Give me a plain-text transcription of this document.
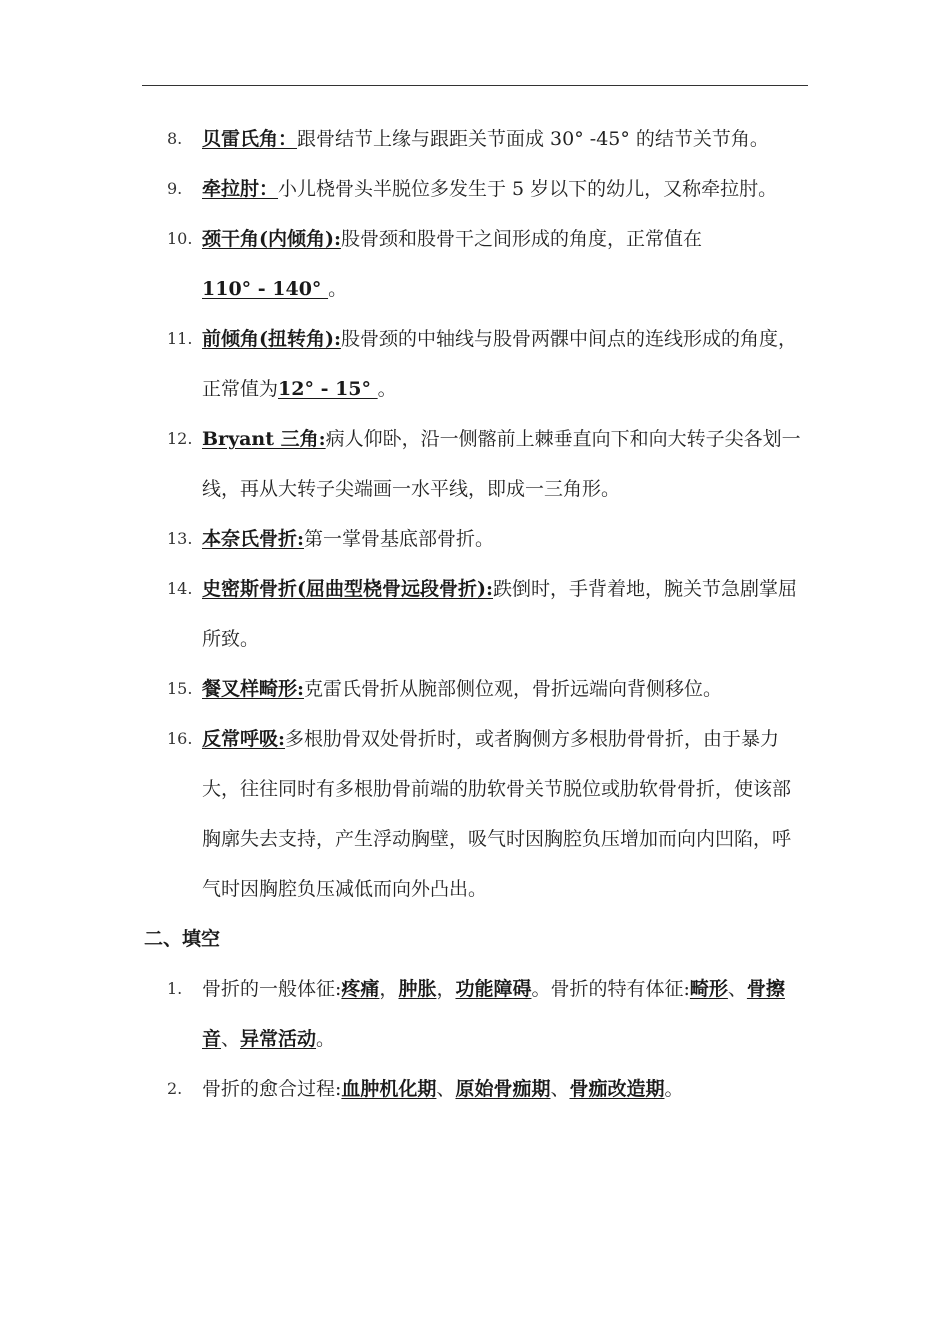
8. 贝雷氏角：跟骨结节上缘与跟距关节面成 30° -45° 的结节关节角。
9. 牵拉肘：小儿桡骨头半脱位多发生于 5 岁以下的幼儿，又称牵拉肘。
10. 颈干角(内倾角):股骨颈和股骨干之间形成的角度，正常值在
110° - 140° 。
11. 前倾角(扭转角):股骨颈的中轴线与股骨两髁中间点的连线形成的角度，正常值为12° - 15° 。
12. Bryant 三角:病人仰卧，沿一侧髂前上棘垂直向下和向大转子尖各划一线，再从大转子尖端画一水平线，即成一三角形。
13. 本奈氏骨折:第一掌骨基底部骨折。
14. 史密斯骨折(屈曲型桡骨远段骨折):跌倒时，手背着地，腕关节急剧掌屈所致。
15. 餐叉样畸形:克雷氏骨折从腕部侧位观，骨折远端向背侧移位。
16. 反常呼吸:多根肋骨双处骨折时，或者胸侧方多根肋骨骨折，由于暴力大，往往同时有多根肋骨前端的肋软骨关节脱位或肋软骨骨折，使该部胸廓失去支持，产生浮动胸壁，吸气时因胸腔负压增加而向内凹陷，呼气时因胸腔负压减低而向外凸出。
二、填空
1. 骨折的一般体征:疼痛，肿胀，功能障碍。骨折的特有体征:畸形、骨擦音、异常活动。
2. 骨折的愈合过程:血肿机化期、原始骨痂期、骨痂改造期。
